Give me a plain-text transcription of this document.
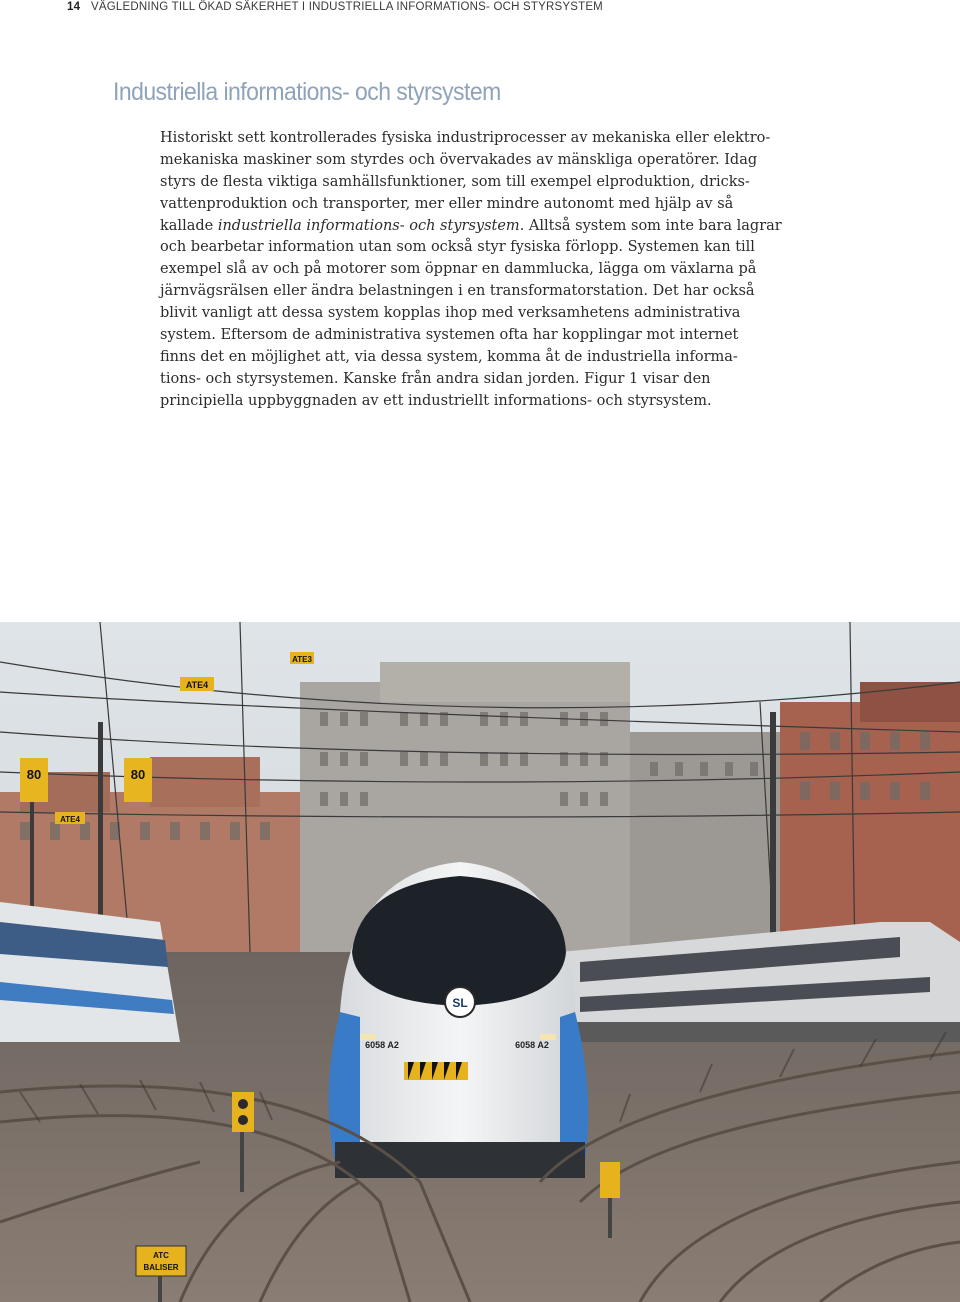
14 VÄGLEDNING TILL ÖKAD SÄKERHET I INDUSTRIELLA INFORMATIONS- OCH STYRSYSTEM
Industriella informations- och styrsystem
Historiskt sett kontrollerades fysiska industriprocesser av mekaniska eller elektro-
mekaniska maskiner som styrdes och övervakades av mänskliga operatörer. Idag
styrs de flesta viktiga samhällsfunktioner, som till exempel elproduktion, dricks-
vattenproduktion och transporter, mer eller mindre autonomt med hjälp av så
kallade industriella informations- och styrsystem. Alltså system som inte bara lagrar
och bearbetar information utan som också styr fysiska förlopp. Systemen kan till
exempel slå av och på motorer som öppnar en dammlucka, lägga om växlarna på
järnvägsrälsen eller ändra belastningen i en transformatorstation. Det har också
blivit vanligt att dessa system kopplas ihop med verksamhetens administrativa
system. Eftersom de administrativa systemen ofta har kopplingar mot internet
finns det en möjlighet att, via dessa system, komma åt de industriella informa-
tions- och styrsystemen. Kanske från andra sidan jorden. Figur 1 visar den
principiella uppbyggnaden av ett industriellt informations- och styrsystem.
ATE4
ATE3
ATE4
80	80
SL
6058 A2	6058 A2
ATC
BALISER
